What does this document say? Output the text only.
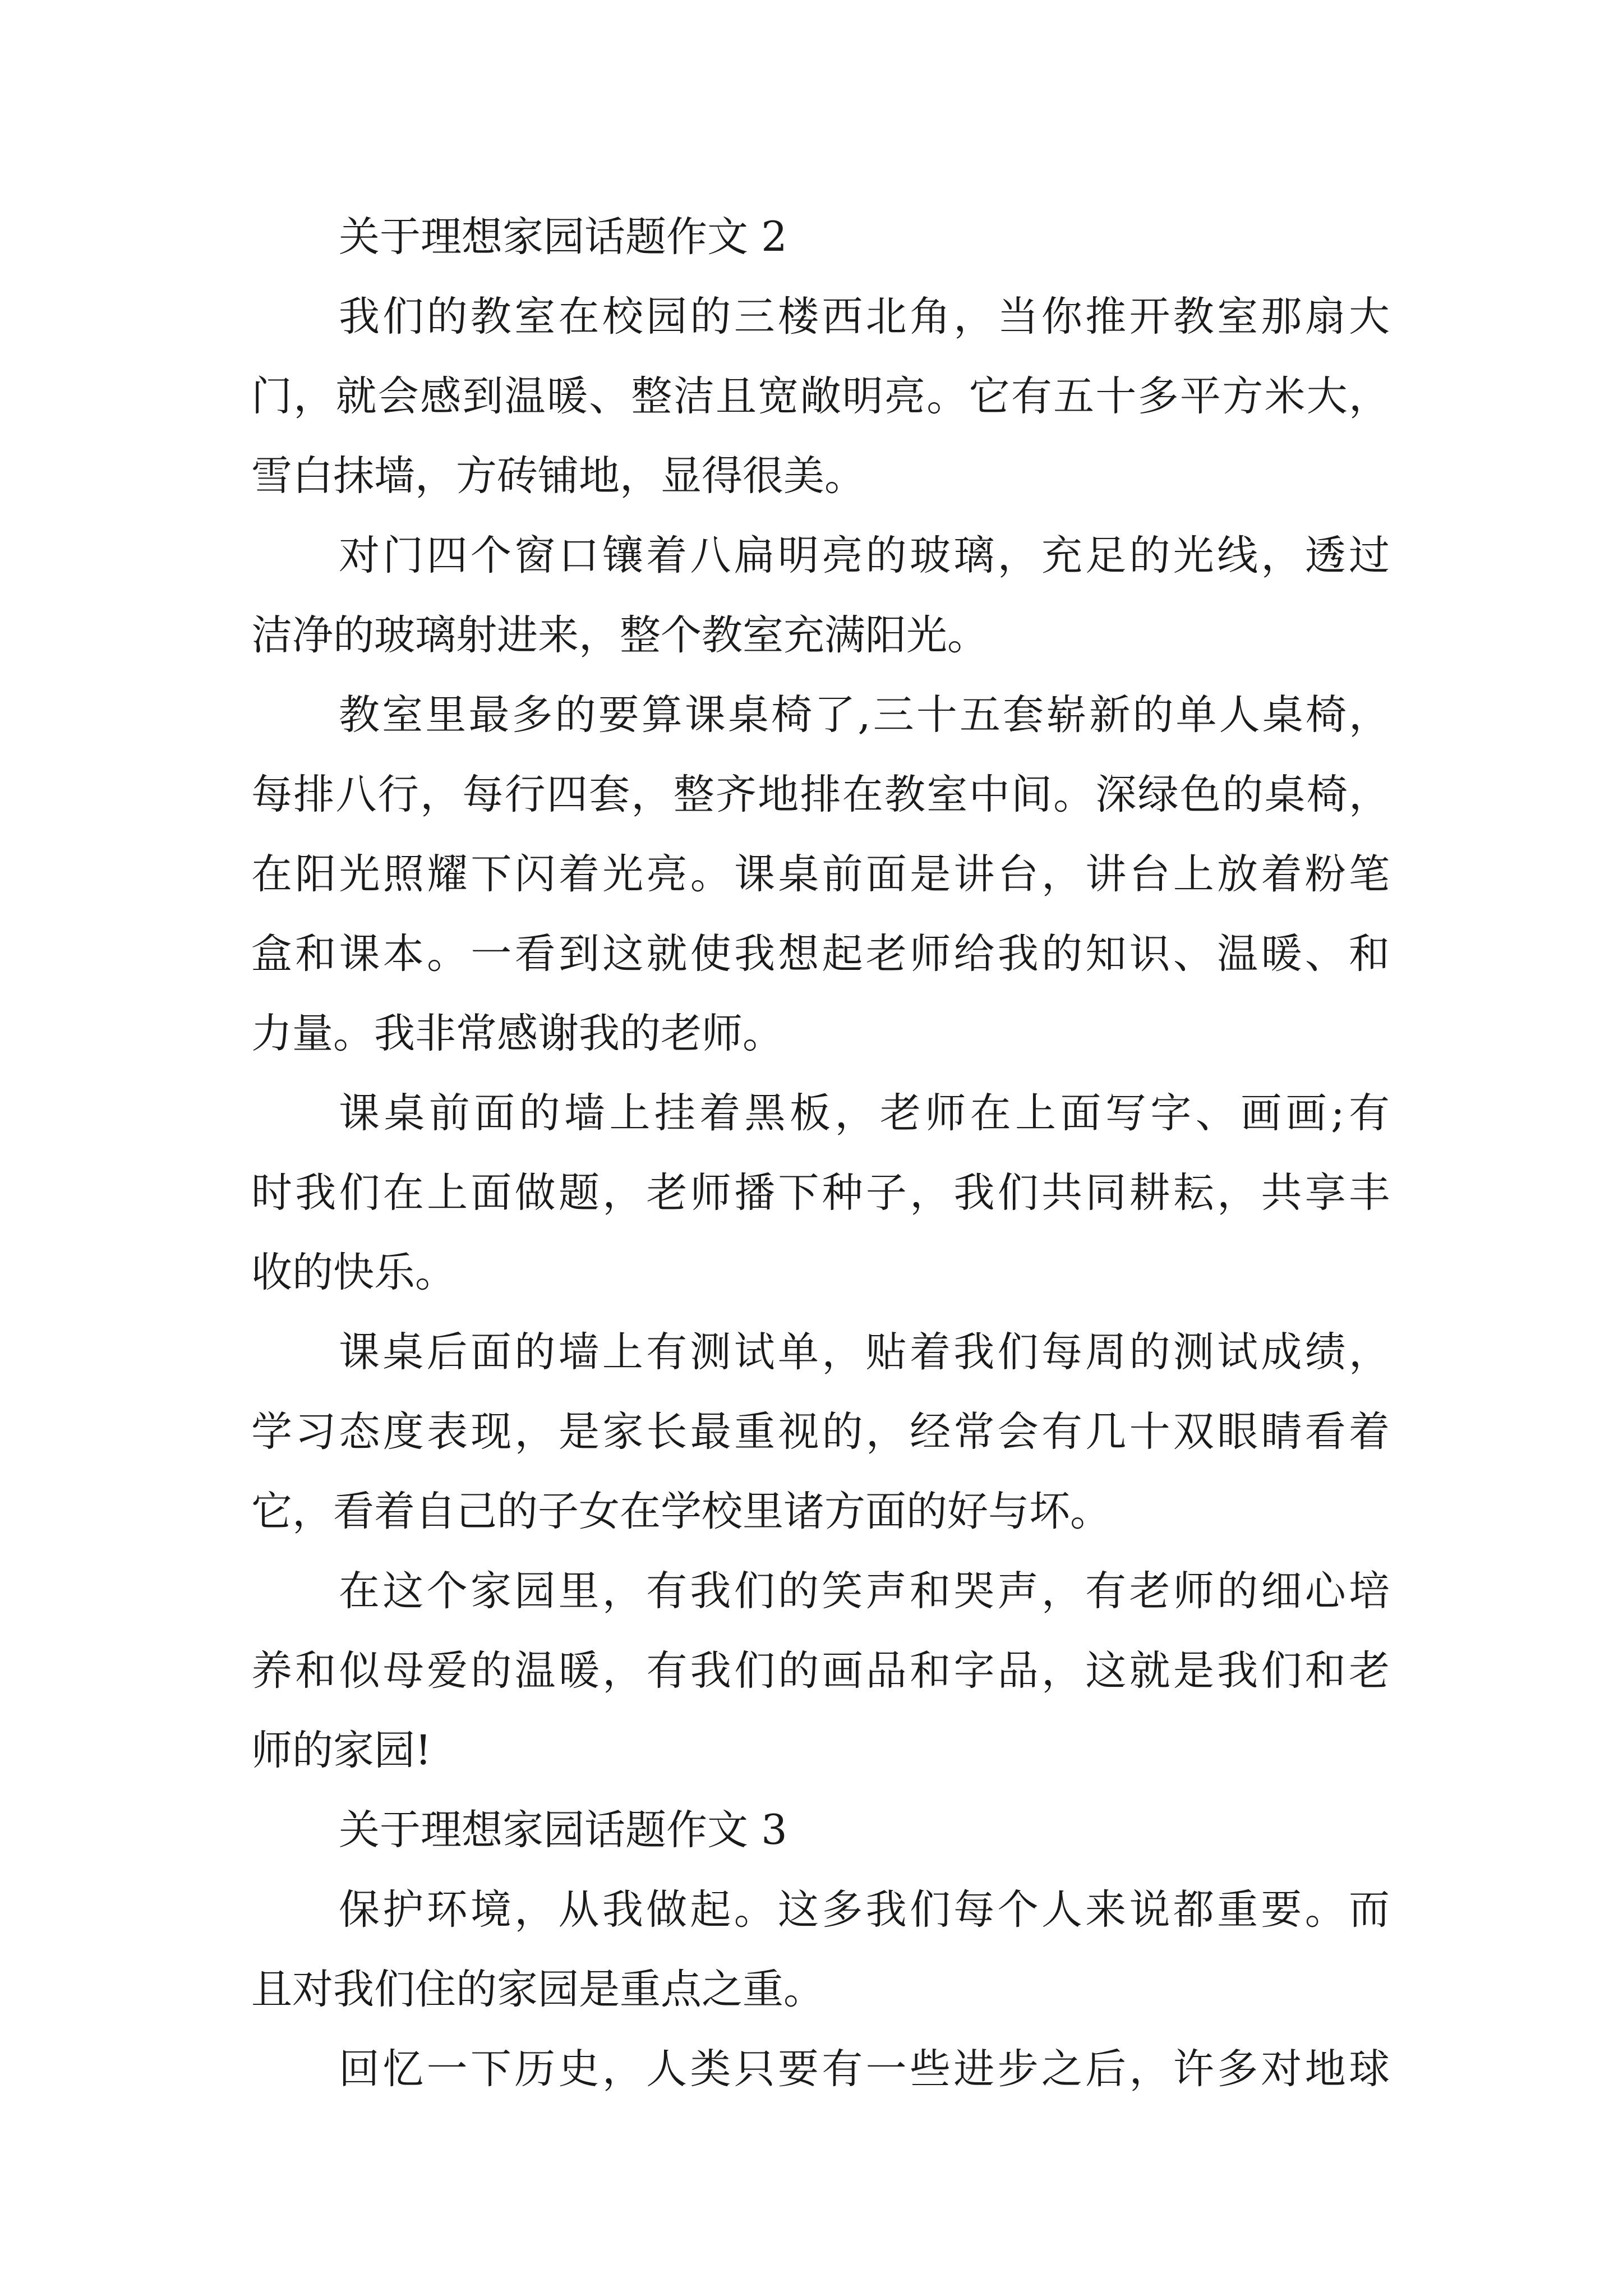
关于理想家园话题作文 2
我们的教室在校园的三楼西北角，当你推开教室那扇大
门，就会感到温暖、整洁且宽敞明亮。它有五十多平方米大，
雪白抹墙，方砖铺地，显得很美。
对门四个窗口镶着八扁明亮的玻璃，充足的光线，透过
洁净的玻璃射进来，整个教室充满阳光。
教室里最多的要算课桌椅了,三十五套崭新的单人桌椅，
每排八行，每行四套，整齐地排在教室中间。深绿色的桌椅，
在阳光照耀下闪着光亮。课桌前面是讲台，讲台上放着粉笔
盒和课本。一看到这就使我想起老师给我的知识、温暖、和
力量。我非常感谢我的老师。
课桌前面的墙上挂着黑板，老师在上面写字、画画;有
时我们在上面做题，老师播下种子，我们共同耕耘，共享丰
收的快乐。
课桌后面的墙上有测试单，贴着我们每周的测试成绩，
学习态度表现，是家长最重视的，经常会有几十双眼睛看着
它，看着自己的子女在学校里诸方面的好与坏。
在这个家园里，有我们的笑声和哭声，有老师的细心培
养和似母爱的温暖，有我们的画品和字品，这就是我们和老
师的家园!
关于理想家园话题作文 3
保护环境，从我做起。这多我们每个人来说都重要。而
且对我们住的家园是重点之重。
回忆一下历史，人类只要有一些进步之后，许多对地球
